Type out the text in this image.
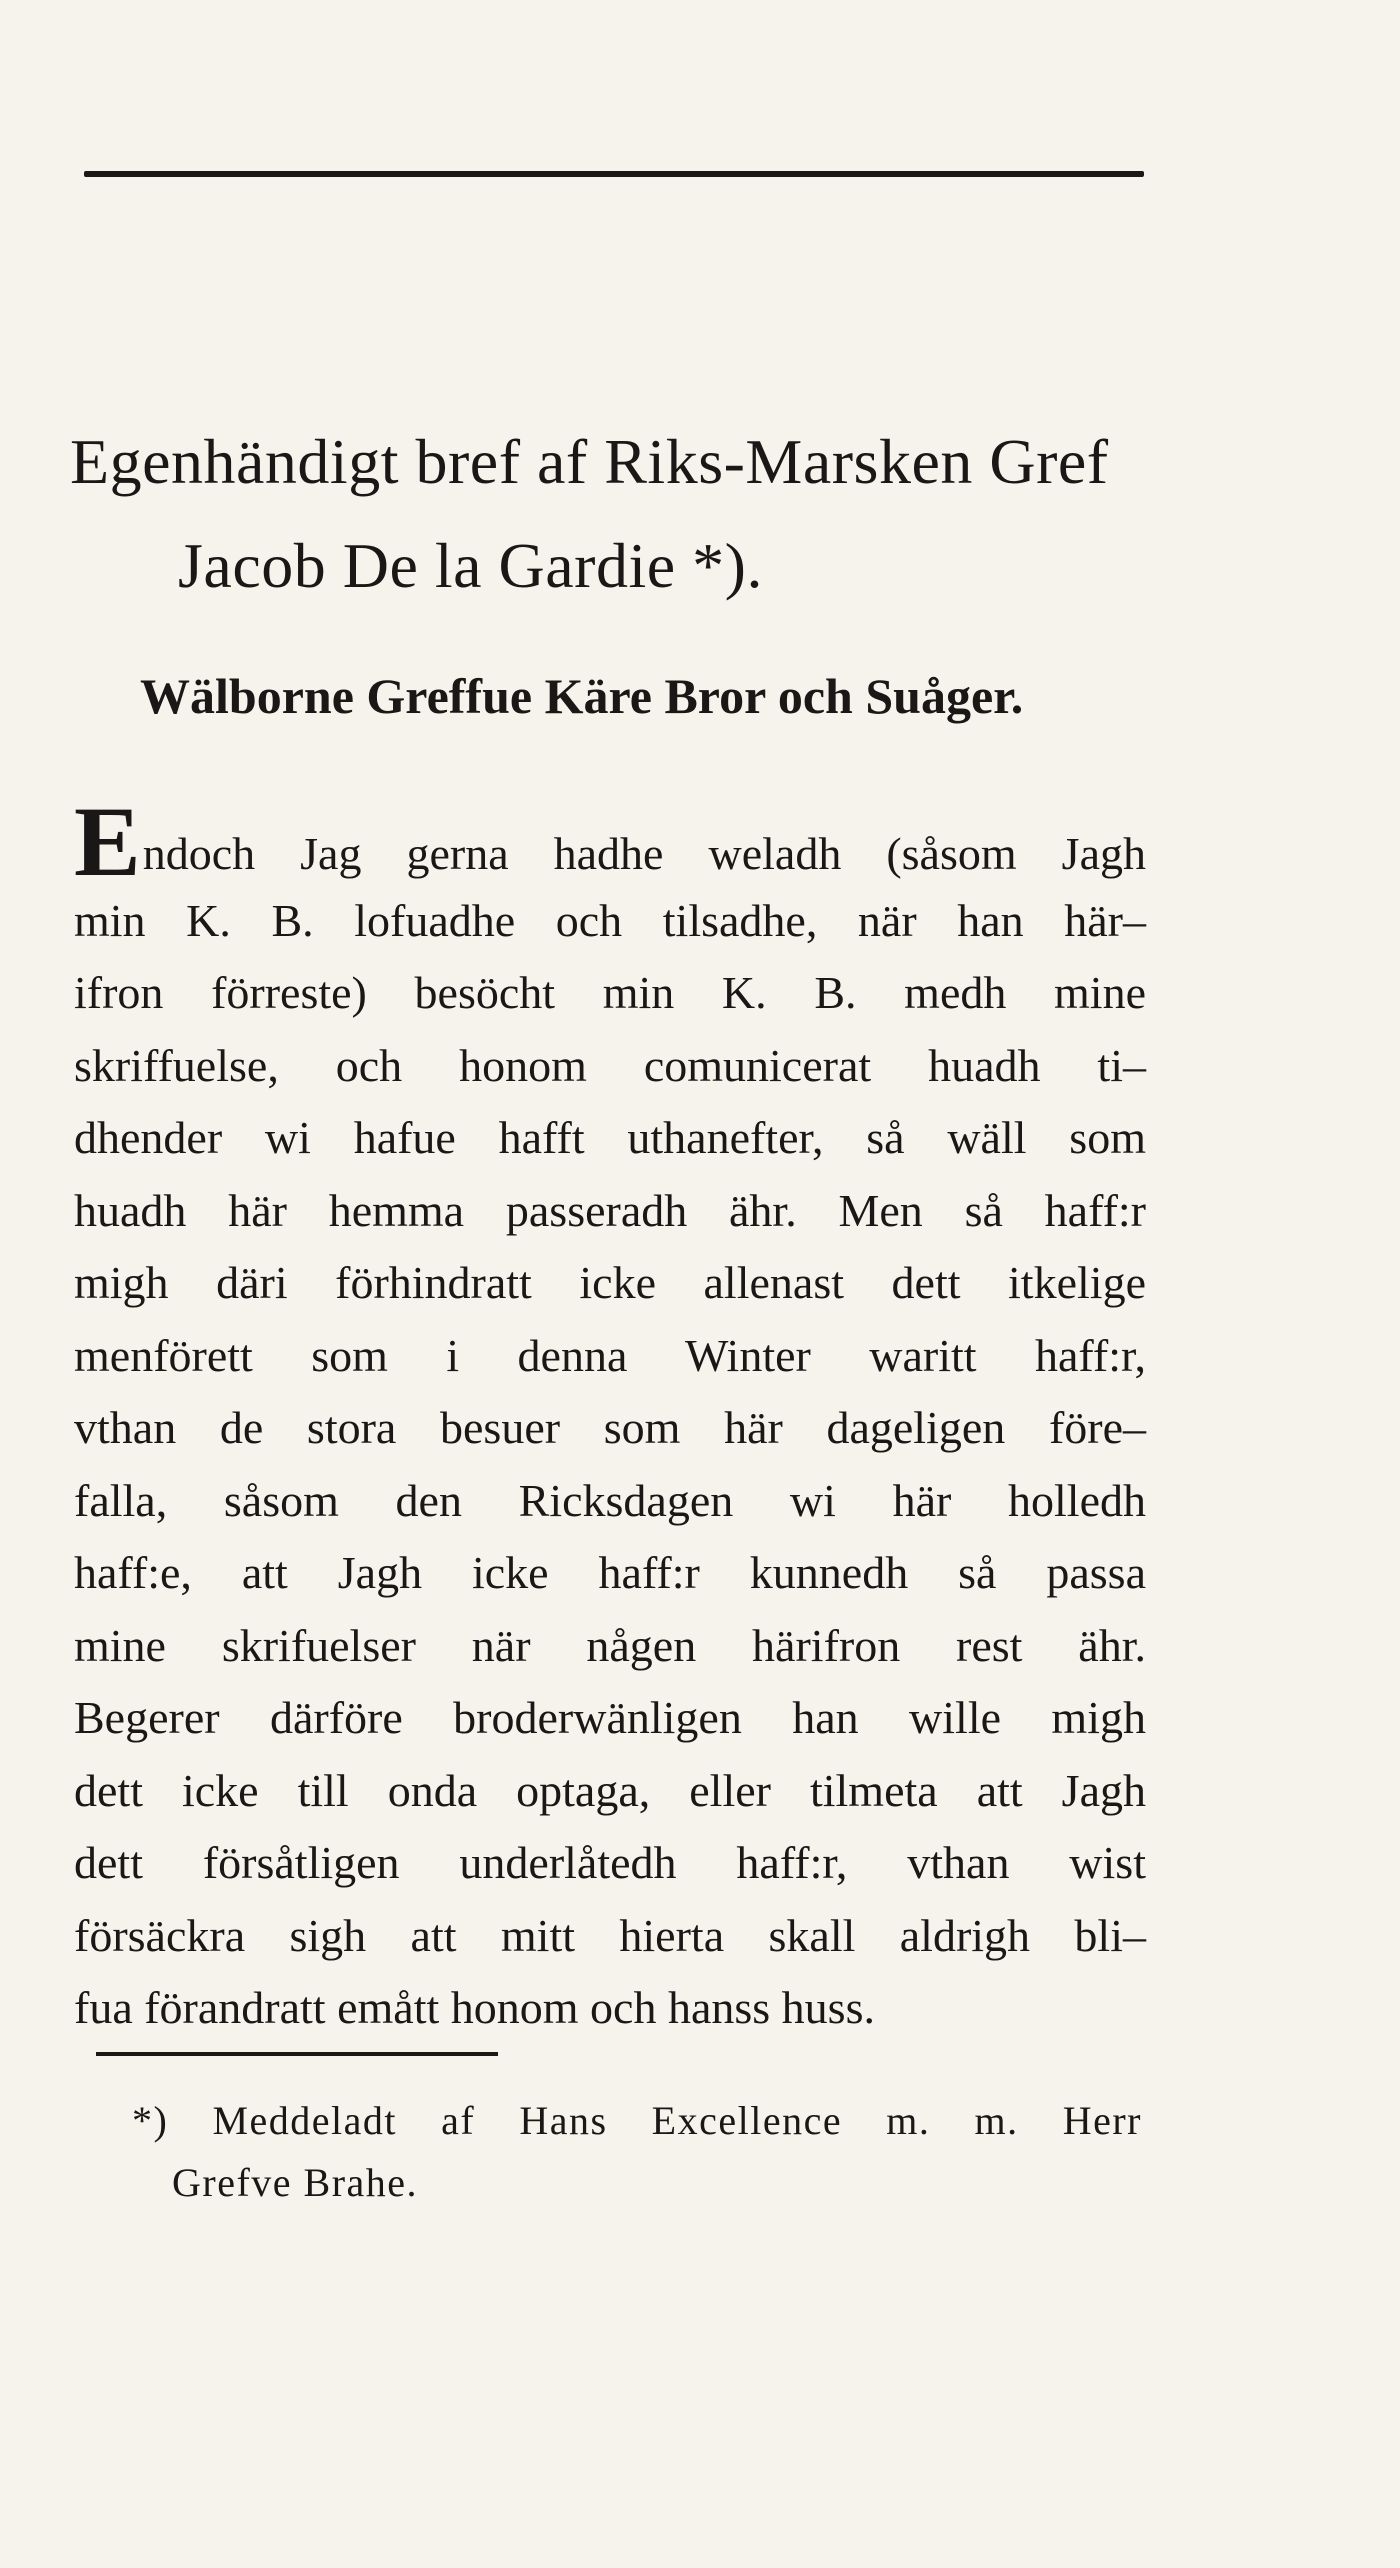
Egenhändigt bref af Riks-Marsken Gref
Jacob De la Gardie *).

Wälborne Greffue Käre Bror och Suåger.

Endoch Jag gerna hadhe weladh (såsom Jagh
min K. B. lofuadhe och tilsadhe, när han här–
ifron förreste) besöcht min K. B. medh mine
skriffuelse, och honom comunicerat huadh ti–
dhender wi hafue hafft uthanefter, så wäll som
huadh här hemma passeradh ähr. Men så haff:r
migh däri förhindratt icke allenast dett itkelige
menförett som i denna Winter waritt haff:r,
vthan de stora besuer som här dageligen före–
falla, såsom den Ricksdagen wi här holledh
haff:e, att Jagh icke haff:r kunnedh så passa
mine skrifuelser när någen härifron rest ähr.
Begerer därföre broderwänligen han wille migh
dett icke till onda optaga, eller tilmeta att Jagh
dett försåtligen underlåtedh haff:r, vthan wist
försäckra sigh att mitt hierta skall aldrigh bli–
fua förandratt emått honom och hanss huss.
*) Meddeladt af Hans Excellence m. m. Herr
Grefve Brahe.
